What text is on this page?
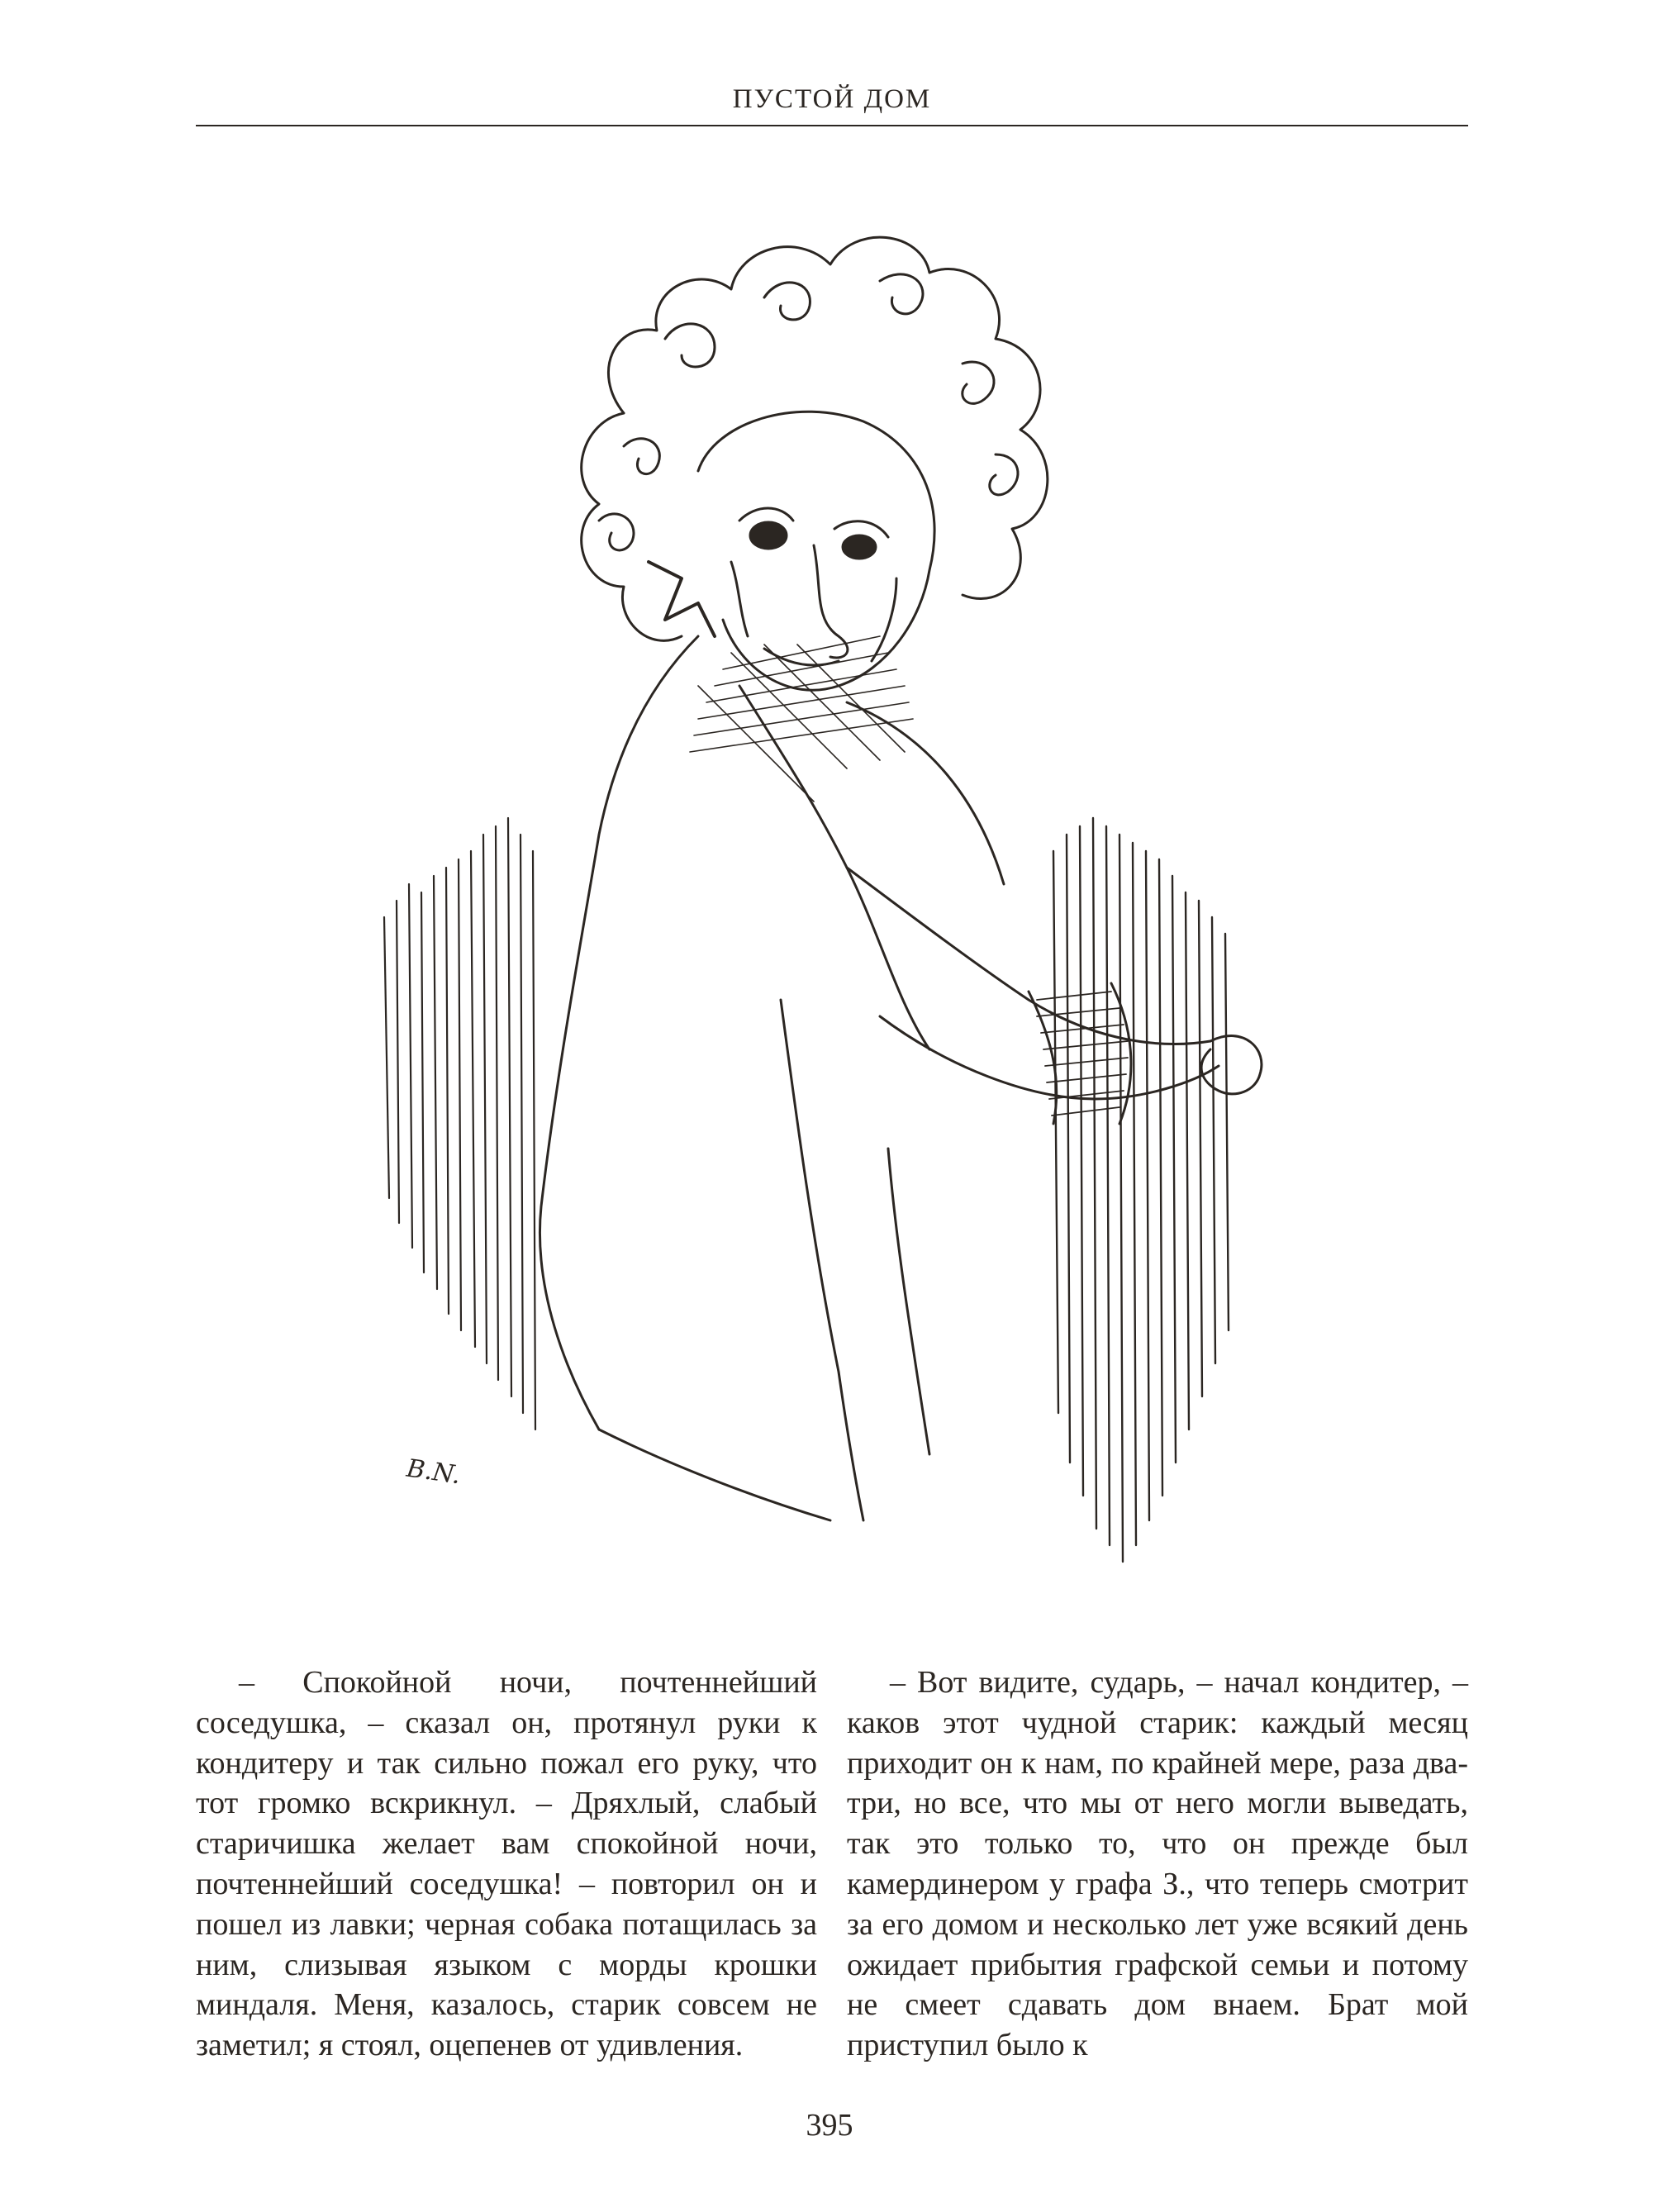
ПУСТОЙ ДОМ
B.N.

– Спокойной ночи, почтеннейший соседушка, – сказал он, протянул руки к кондитеру и так сильно пожал его руку, что тот громко вскрикнул. – Дряхлый, слабый старичишка желает вам спокойной ночи, почтеннейший соседушка! – повторил он и пошел из лавки; черная собака потащилась за ним, слизывая языком с морды крошки миндаля. Меня, казалось, старик совсем не заметил; я стоял, оцепенев от удивления.

– Вот видите, сударь, – начал кондитер, – каков этот чудной старик: каждый месяц приходит он к нам, по крайней мере, раза два-три, но все, что мы от него могли выведать, так это только то, что он прежде был камердинером у графа З., что теперь смотрит за его домом и несколько лет уже всякий день ожидает прибытия графской семьи и потому не смеет сдавать дом внаем. Брат мой приступил было к

395
